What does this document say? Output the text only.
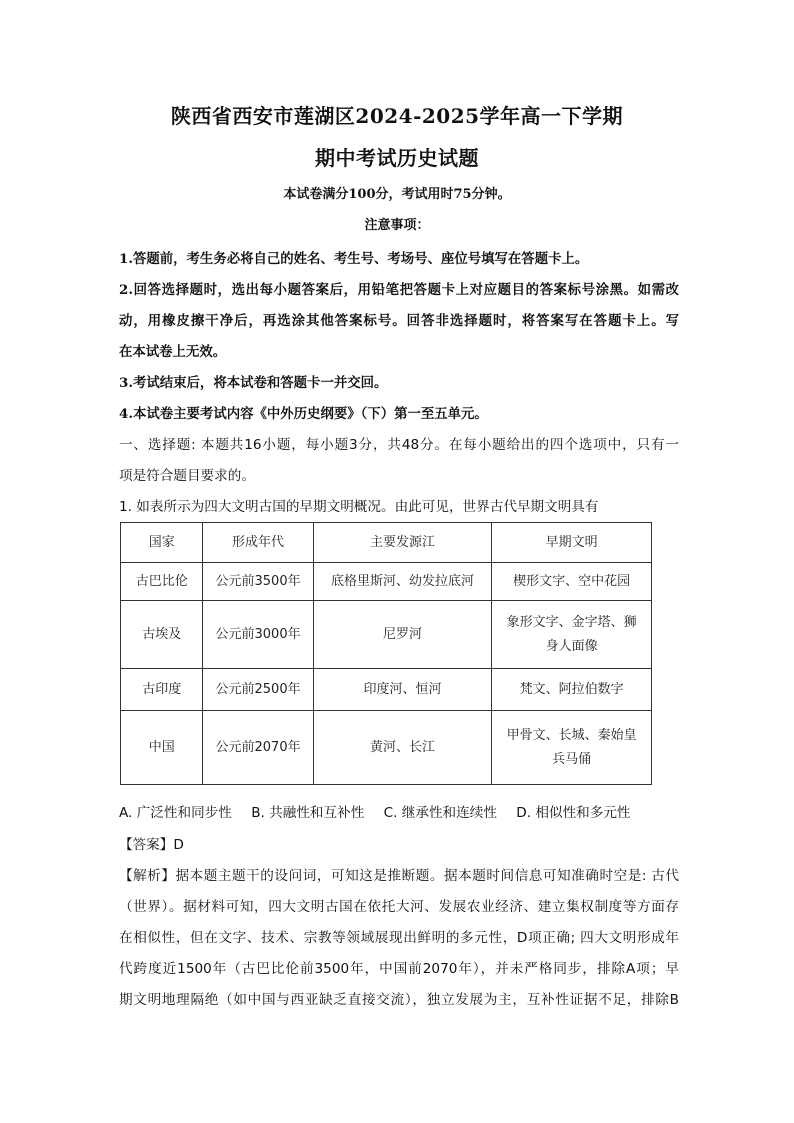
陕西省西安市莲湖区2024-2025学年高一下学期
期中考试历史试题
本试卷满分100分，考试用时75分钟。
注意事项：
1.答题前，考生务必将自己的姓名、考生号、考场号、座位号填写在答题卡上。
2.回答选择题时，选出每小题答案后，用铅笔把答题卡上对应题目的答案标号涂黑。如需改
动，用橡皮擦干净后，再选涂其他答案标号。回答非选择题时，将答案写在答题卡上。写
在本试卷上无效。
3.考试结束后，将本试卷和答题卡一并交回。
4.本试卷主要考试内容《中外历史纲要》（下）第一至五单元。
一、选择题: 本题共16小题，每小题3分，共48分。在每小题给出的四个选项中，只有一
项是符合题目要求的。
1. 如表所示为四大文明古国的早期文明概况。由此可见，世界古代早期文明具有
国家	形成年代	主要发源江	早期文明
古巴比伦	公元前3500年	底格里斯河、幼发拉底河	楔形文字、空中花园

古埃及	公元前3000年	尼罗河	象形文字、金字塔、狮
身人面像

古印度	公元前2500年	印度河、恒河	梵文、阿拉伯数字

中国	公元前2070年	黄河、长江	甲骨文、长城、秦始皇
兵马俑
A. 广泛性和同步性 B. 共融性和互补性 C. 继承性和连续性 D. 相似性和多元性
【答案】D
【解析】据本题主题干的设问词，可知这是推断题。据本题时间信息可知准确时空是: 古代
（世界）。据材料可知，四大文明古国在依托大河、发展农业经济、建立集权制度等方面存
在相似性，但在文字、技术、宗教等领域展现出鲜明的多元性，D项正确; 四大文明形成年
代跨度近1500年（古巴比伦前3500年，中国前2070年），并未严格同步，排除A项；早
期文明地理隔绝（如中国与西亚缺乏直接交流），独立发展为主，互补性证据不足，排除B
